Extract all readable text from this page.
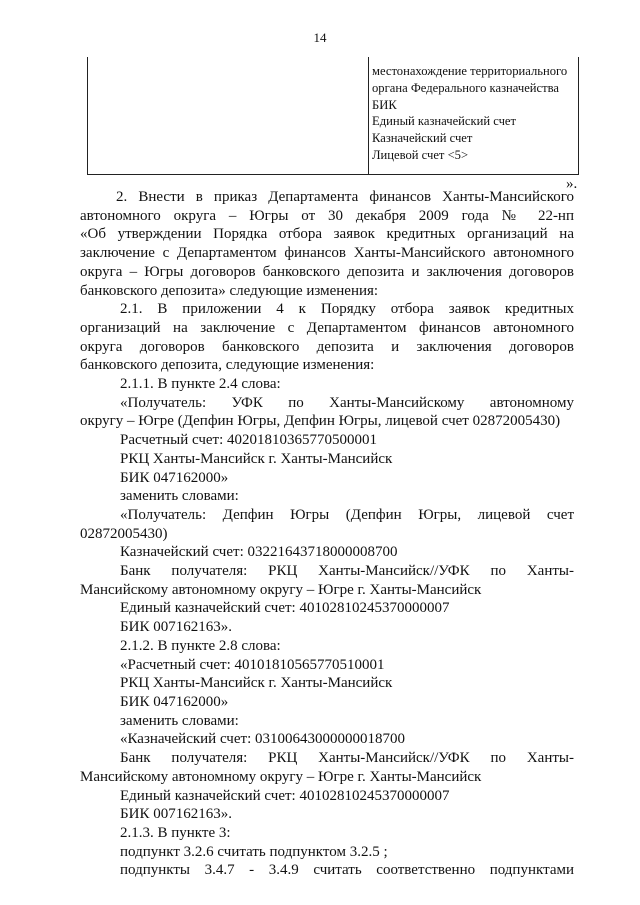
14
местонахождение территориального
органа Федерального казначейства
БИК
Единый казначейский счет
Казначейский счет
Лицевой счет <5>
».
2. Внести в приказ Департамента финансов Ханты-Мансийского
автономного округа – Югры от 30 декабря 2009 года № 22-нп
«Об утверждении Порядка отбора заявок кредитных организаций на
заключение с Департаментом финансов Ханты-Мансийского автономного
округа – Югры договоров банковского депозита и заключения договоров
банковского депозита» следующие изменения:
2.1. В приложении 4 к Порядку отбора заявок кредитных
организаций на заключение с Департаментом финансов автономного
округа договоров банковского депозита и заключения договоров
банковского депозита, следующие изменения:
2.1.1. В пункте 2.4 слова:
«Получатель: УФК по Ханты-Мансийскому автономному
округу – Югре (Депфин Югры, Депфин Югры, лицевой счет 02872005430)
Расчетный счет: 40201810365770500001
РКЦ Ханты-Мансийск г. Ханты-Мансийск
БИК 047162000»
заменить словами:
«Получатель: Депфин Югры (Депфин Югры, лицевой счет
02872005430)
Казначейский счет: 03221643718000008700
Банк получателя: РКЦ Ханты-Мансийск//УФК по Ханты-
Мансийскому автономному округу – Югре г. Ханты-Мансийск
Единый казначейский счет: 40102810245370000007
БИК 007162163».
2.1.2. В пункте 2.8 слова:
«Расчетный счет: 40101810565770510001
РКЦ Ханты-Мансийск г. Ханты-Мансийск
БИК 047162000»
заменить словами:
«Казначейский счет: 03100643000000018700
Банк получателя: РКЦ Ханты-Мансийск//УФК по Ханты-
Мансийскому автономному округу – Югре г. Ханты-Мансийск
Единый казначейский счет: 40102810245370000007
БИК 007162163».
2.1.3. В пункте 3:
подпункт 3.2.6 считать подпунктом 3.2.5 ;
подпункты 3.4.7 - 3.4.9 считать соответственно подпунктами
